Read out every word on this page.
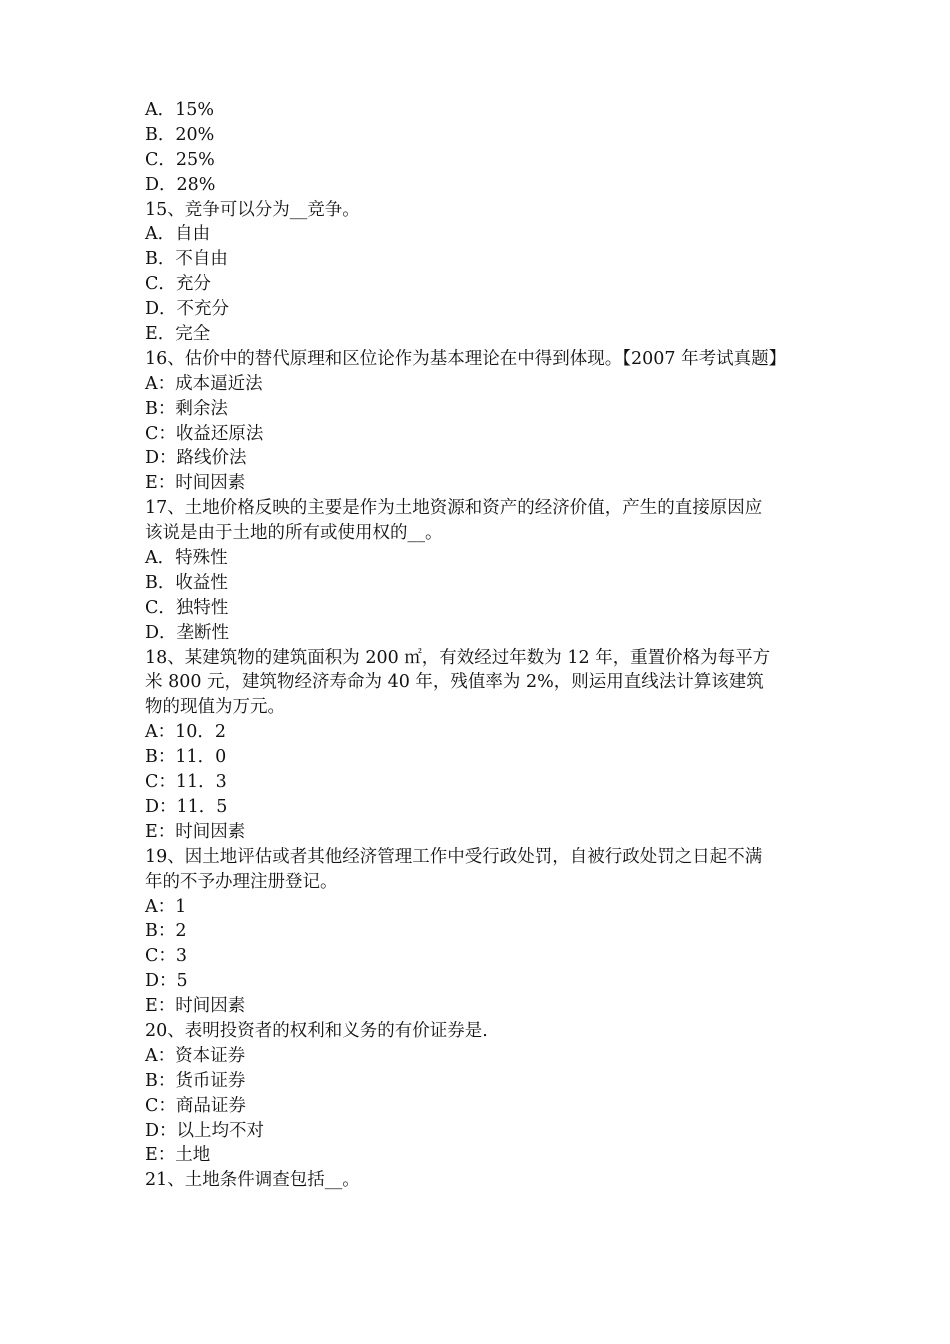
A．15%

B．20%

C．25%

D．28%

15、竞争可以分为__竞争。

A．自由

B．不自由

C．充分

D．不充分

E．完全

16、估价中的替代原理和区位论作为基本理论在中得到体现。【2007 年考试真题】

A：成本逼近法

B：剩余法

C：收益还原法

D：路线价法

E：时间因素

17、土地价格反映的主要是作为土地资源和资产的经济价值，产生的直接原因应

该说是由于土地的所有或使用权的__。

A．特殊性

B．收益性

C．独特性

D．垄断性

18、某建筑物的建筑面积为 200 ㎡，有效经过年数为 12 年，重置价格为每平方

米 800 元，建筑物经济寿命为 40 年，残值率为 2%，则运用直线法计算该建筑

物的现值为万元。

A：10．2

B：11．0

C：11．3

D：11．5

E：时间因素

19、因土地评估或者其他经济管理工作中受行政处罚，自被行政处罚之日起不满

年的不予办理注册登记。

A：1

B：2

C：3

D：5

E：时间因素

20、表明投资者的权利和义务的有价证券是.

A：资本证券

B：货币证券

C：商品证券

D：以上均不对

E：土地

21、土地条件调查包括__。
